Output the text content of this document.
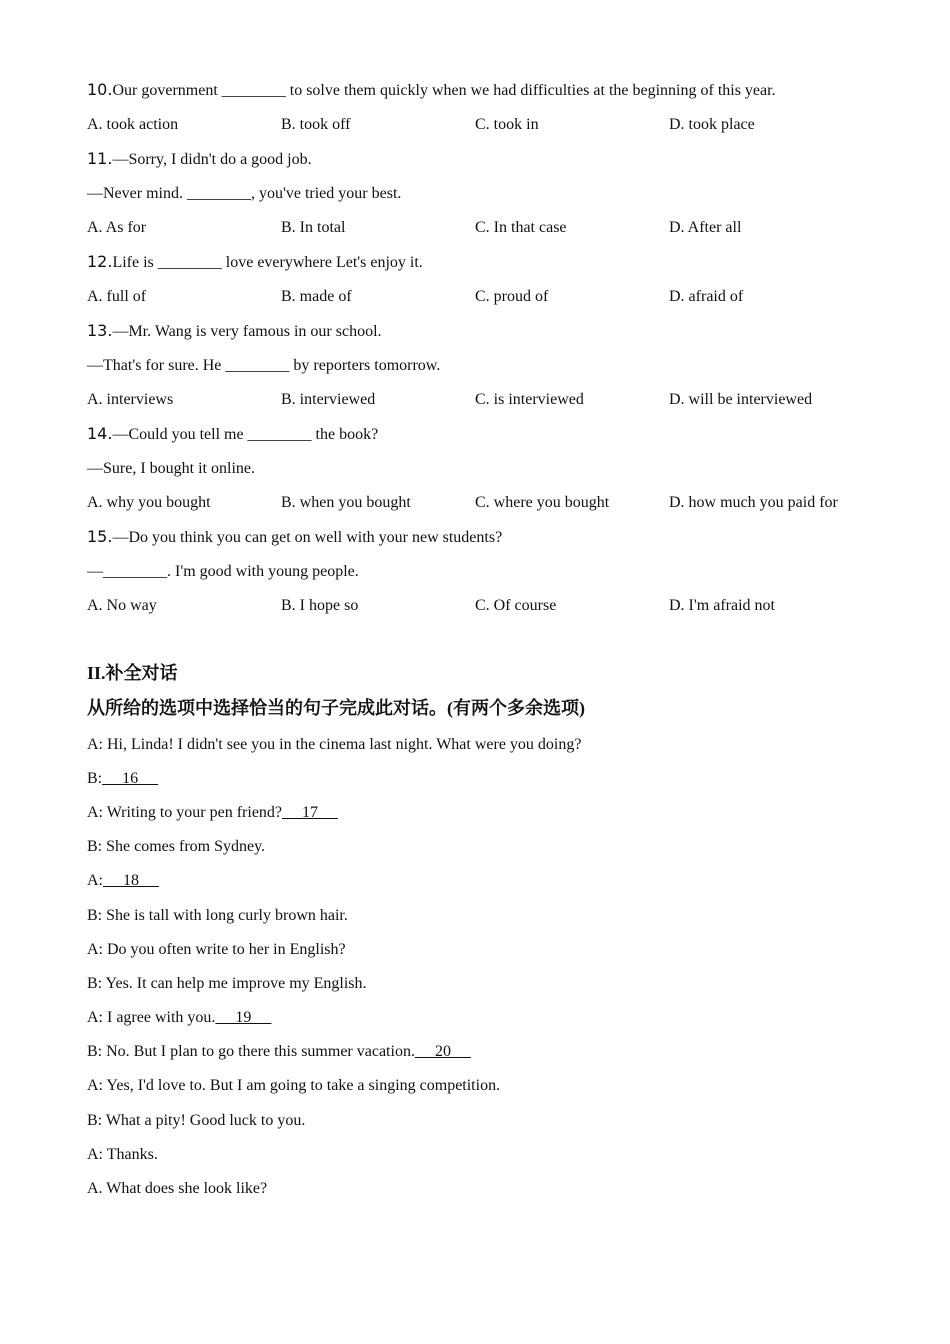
10.Our government ________ to solve them quickly when we had difficulties at the beginning of this year.
A. took action	B. took off	C. took in	D. took place
11.—Sorry, I didn't do a good job.
—Never mind. ________, you've tried your best.
A. As for	B. In total	C. In that case	D. After all
12.Life is ________ love everywhere Let's enjoy it.
A. full of	B. made of	C. proud of	D. afraid of
13.—Mr. Wang is very famous in our school.
—That's for sure. He ________ by reporters tomorrow.
A. interviews	B. interviewed	C. is interviewed	D. will be interviewed
14.—Could you tell me ________ the book?
—Sure, I bought it online.
A. why you bought	B. when you bought	C. where you bought	D. how much you paid for
15.—Do you think you can get on well with your new students?
—________. I'm good with young people.
A. No way	B. I hope so	C. Of course	D. I'm afraid not
II.补全对话
从所给的选项中选择恰当的句子完成此对话。(有两个多余选项)
A: Hi, Linda! I didn't see you in the cinema last night. What were you doing?
B:     16
A: Writing to your pen friend?     17
B: She comes from Sydney.
A:     18
B: She is tall with long curly brown hair.
A: Do you often write to her in English?
B: Yes. It can help me improve my English.
A: I agree with you.     19
B: No. But I plan to go there this summer vacation.     20
A: Yes, I'd love to. But I am going to take a singing competition.
B: What a pity! Good luck to you.
A: Thanks.
A. What does she look like?
